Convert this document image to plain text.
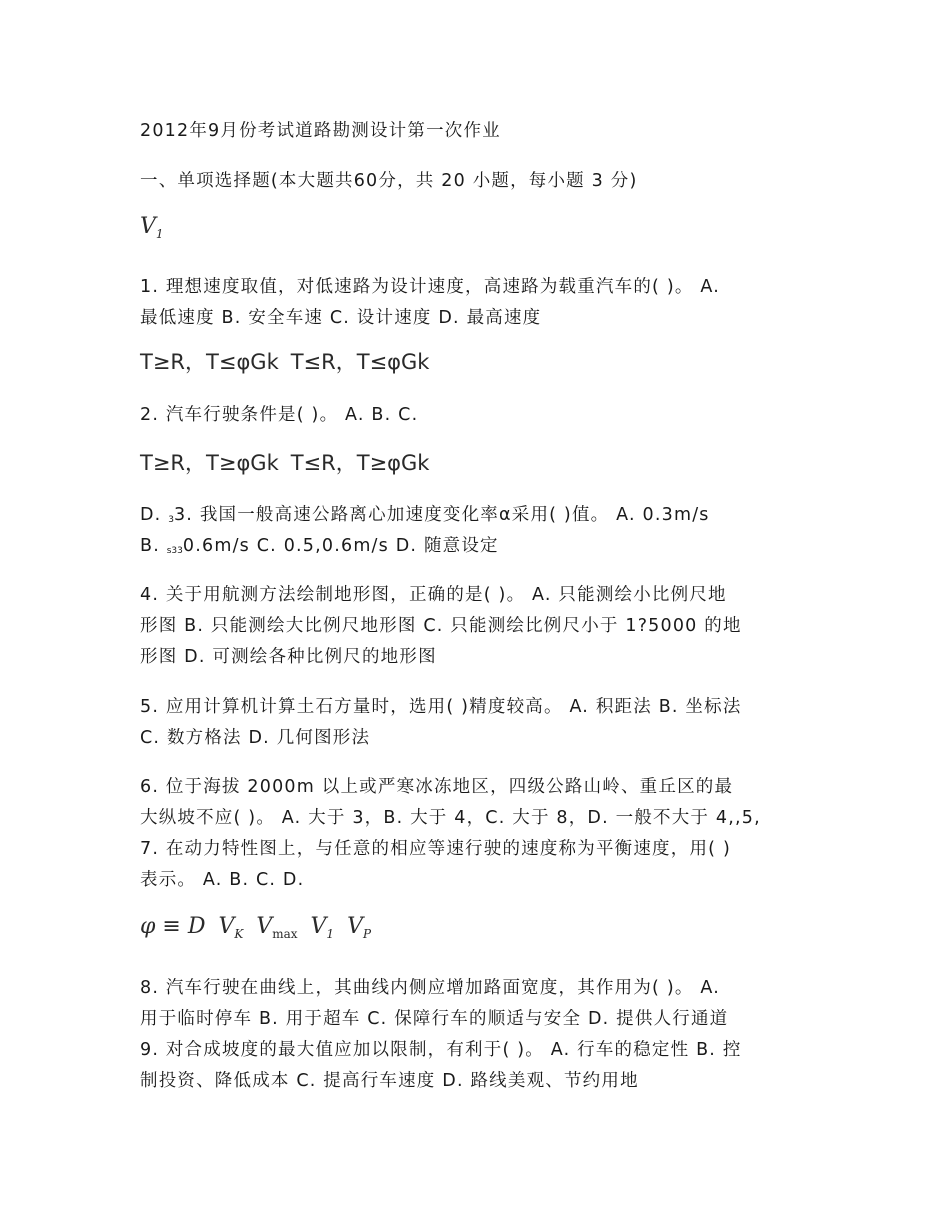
2012年9月份考试道路勘测设计第一次作业

一、单项选择题(本大题共60分，共 20 小题，每小题 3 分)

$V_1$

1. 理想速度取值，对低速路为设计速度，高速路为载重汽车的( )。 A.

最低速度 B. 安全车速 C. 设计速度 D. 最高速度

T≥R，T≤φGk T≤R，T≤φGk

2. 汽车行驶条件是( )。 A. B. C.

T≥R，T≥φGk T≤R，T≥φGk

D. 33. 我国一般高速公路离心加速度变化率α采用( )值。 A. 0.3m/s

B. s330.6m/s C. 0.5,0.6m/s D. 随意设定

4. 关于用航测方法绘制地形图，正确的是( )。 A. 只能测绘小比例尺地

形图 B. 只能测绘大比例尺地形图 C. 只能测绘比例尺小于 1?5000 的地

形图 D. 可测绘各种比例尺的地形图

5. 应用计算机计算土石方量时，选用( )精度较高。 A. 积距法 B. 坐标法

C. 数方格法 D. 几何图形法

6. 位于海拔 2000m 以上或严寒冰冻地区，四级公路山岭、重丘区的最

大纵坡不应( )。 A. 大于 3，B. 大于 4，C. 大于 8，D. 一般不大于 4,,5,

7. 在动力特性图上，与任意的相应等速行驶的速度称为平衡速度，用( )

表示。 A. B. C. D.

φ ≡ D $V_K$ $V_{max}$ $V_1$ $V_P$

8. 汽车行驶在曲线上，其曲线内侧应增加路面宽度，其作用为( )。 A.

用于临时停车 B. 用于超车 C. 保障行车的顺适与安全 D. 提供人行通道

9. 对合成坡度的最大值应加以限制，有利于( )。 A. 行车的稳定性 B. 控

制投资、降低成本 C. 提高行车速度 D. 路线美观、节约用地
